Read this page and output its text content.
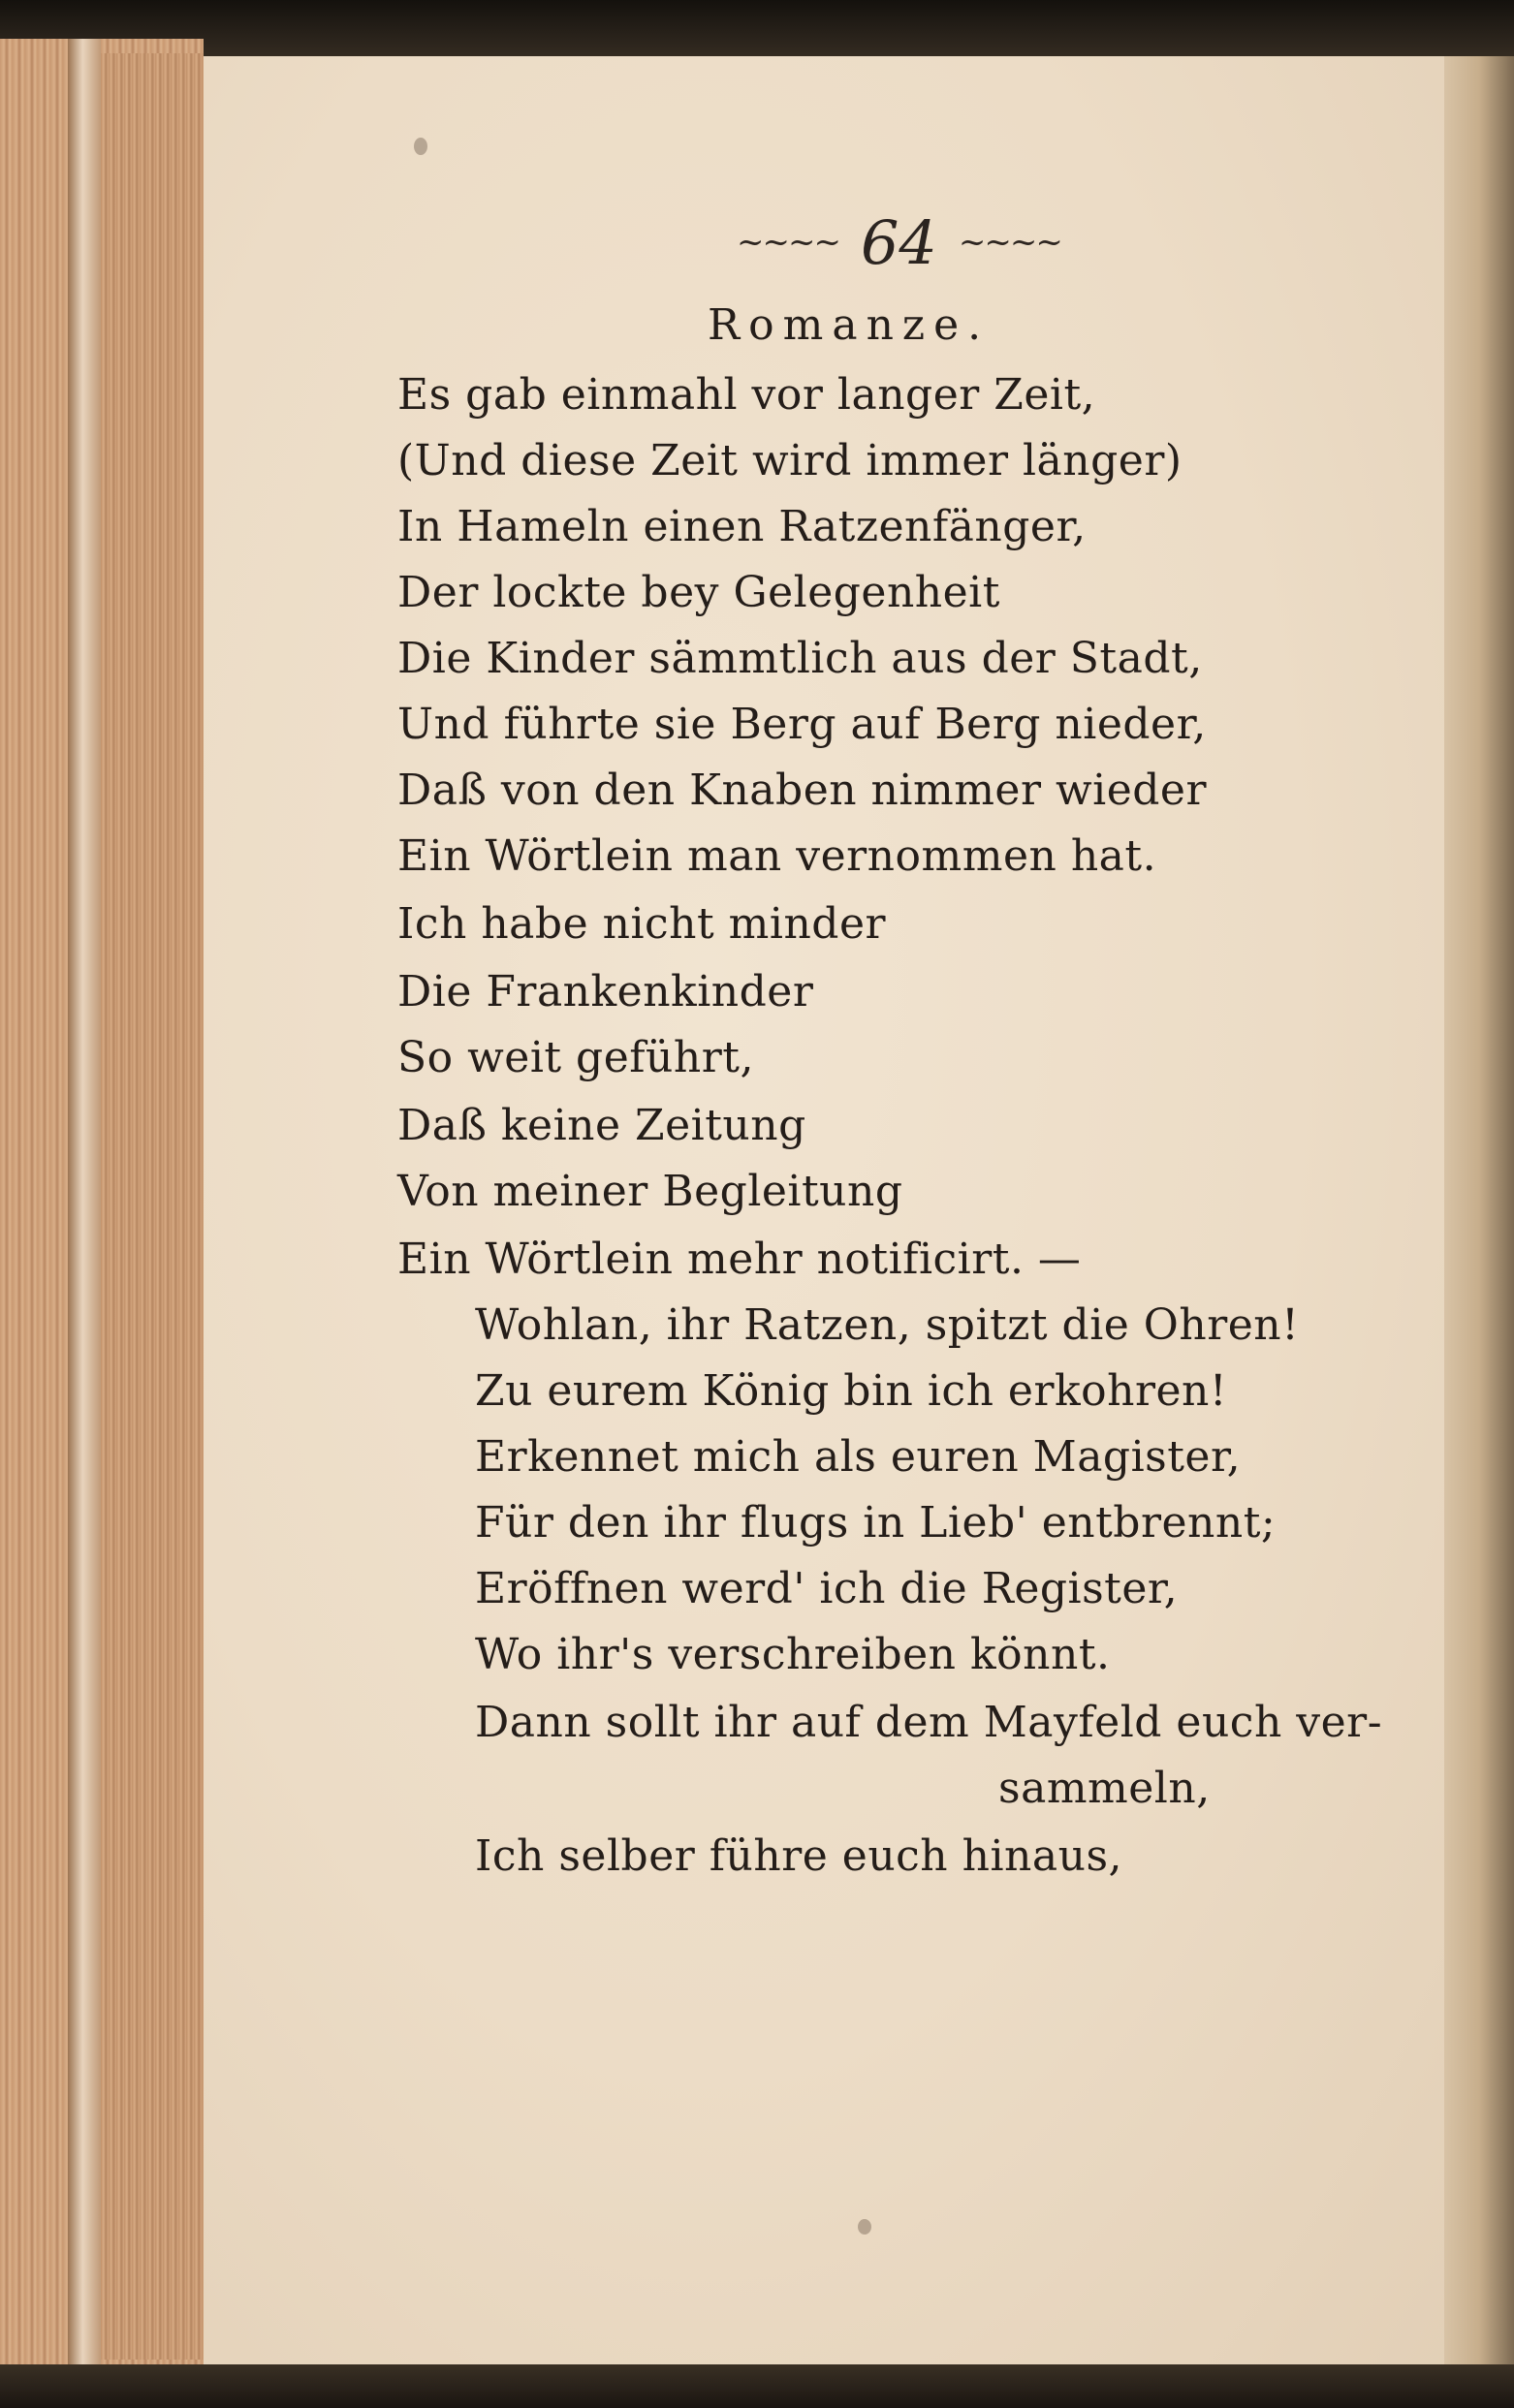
~~~~ 64 ~~~~
Romanze.
Es gab einmahl vor langer Zeit,
(Und diese Zeit wird immer länger)
In Hameln einen Ratzenfänger,
Der lockte bey Gelegenheit
Die Kinder sämmtlich aus der Stadt,
Und führte sie Berg auf Berg nieder,
Daß von den Knaben nimmer wieder
Ein Wörtlein man vernommen hat.
Ich habe nicht minder
Die Frankenkinder
So weit geführt,
Daß keine Zeitung
Von meiner Begleitung
Ein Wörtlein mehr notificirt. —
Wohlan, ihr Ratzen, spitzt die Ohren!
Zu eurem König bin ich erkohren!
Erkennet mich als euren Magister,
Für den ihr flugs in Lieb' entbrennt;
Eröffnen werd' ich die Register,
Wo ihr's verschreiben könnt.
Dann sollt ihr auf dem Mayfeld euch ver-
sammeln,
Ich selber führe euch hinaus,
